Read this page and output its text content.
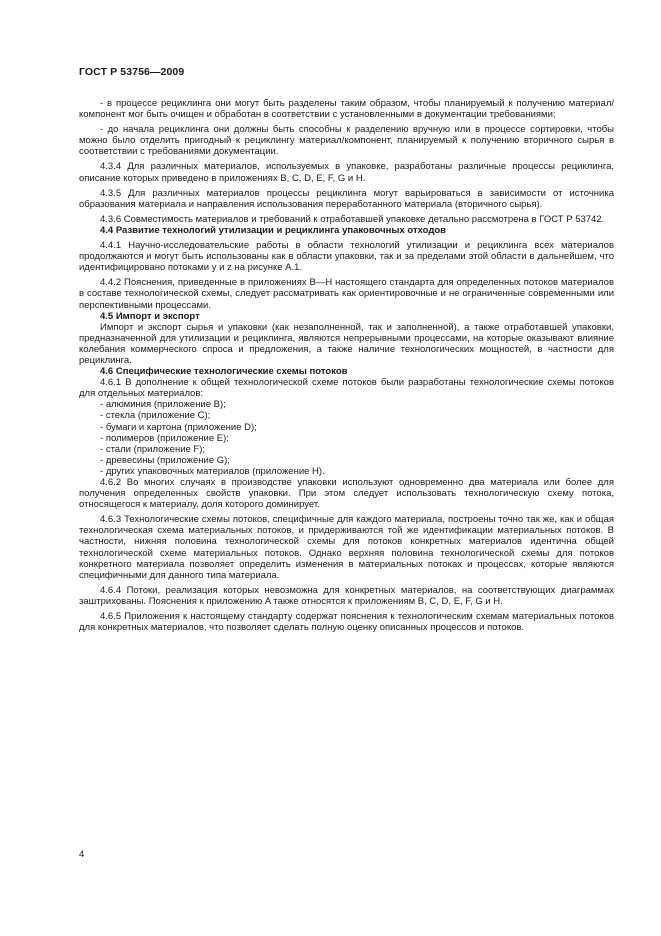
ГОСТ Р 53756—2009

- в процессе рециклинга они могут быть разделены таким образом, чтобы планируемый к получению материал/компонент мог быть очищен и обработан в соответствии с установленными в документации требованиями;

- до начала рециклинга они должны быть способны к разделению вручную или в процессе сортировки, чтобы можно было отделить пригодный к рециклингу материал/компонент, планируемый к получению вторичного сырья в соответствии с требованиями документации.

4.3.4 Для различных материалов, используемых в упаковке, разработаны различные процессы рециклинга, описание которых приведено в приложениях B, C, D, E, F, G и H.

4.3.5 Для различных материалов процессы рециклинга могут варьироваться в зависимости от источника образования материала и направления использования переработанного материала (вторичного сырья).

4.3.6 Совместимость материалов и требований к отработавшей упаковке детально рассмотрена в ГОСТ Р 53742.

4.4 Развитие технологий утилизации и рециклинга упаковочных отходов

4.4.1 Научно-исследовательские работы в области технологий утилизации и рециклинга всех материалов продолжаются и могут быть использованы как в области упаковки, так и за пределами этой области в дальнейшем, что идентифицировано потоками y и z на рисунке A.1.

4.4.2 Пояснения, приведенные в приложениях B—H настоящего стандарта для определенных потоков материалов в составе технологической схемы, следует рассматривать как ориентировочные и не ограниченные современными или перспективными процессами.

4.5 Импорт и экспорт

Импорт и экспорт сырья и упаковки (как незаполненной, так и заполненной), а также отработавшей упаковки, предназначенной для утилизации и рециклинга, являются непрерывными процессами, на которые оказывают влияние колебания коммерческого спроса и предложения, а также наличие технологических мощностей, в частности для рециклинга.

4.6 Специфические технологические схемы потоков

4.6.1 В дополнение к общей технологической схеме потоков были разработаны технологические схемы потоков для отдельных материалов:

- алюминия (приложение B);
- стекла (приложение C);
- бумаги и картона (приложение D);
- полимеров (приложение E);
- стали (приложение F);
- древесины (приложение G);
- других упаковочных материалов (приложение H).

4.6.2 Во многих случаях в производстве упаковки используют одновременно два материала или более для получения определенных свойств упаковки. При этом следует использовать технологическую схему потока, относящегося к материалу, доля которого доминирует.

4.6.3 Технологические схемы потоков, специфичные для каждого материала, построены точно так же, как и общая технологическая схема материальных потоков, и придерживаются той же идентификации материальных потоков. В частности, нижняя половина технологической схемы для потоков конкретных материалов идентична общей технологической схеме материальных потоков. Однако верхняя половина технологической схемы для потоков конкретного материала позволяет определить изменения в материальных потоках и процессах, которые являются специфичными для данного типа материала.

4.6.4 Потоки, реализация которых невозможна для конкретных материалов, на соответствующих диаграммах заштрихованы. Пояснения к приложению A также относятся к приложениям B, C, D, E, F, G и H.

4.6.5 Приложения к настоящему стандарту содержат пояснения к технологическим схемам материальных потоков для конкретных материалов, что позволяет сделать полную оценку описанных процессов и потоков.

4
